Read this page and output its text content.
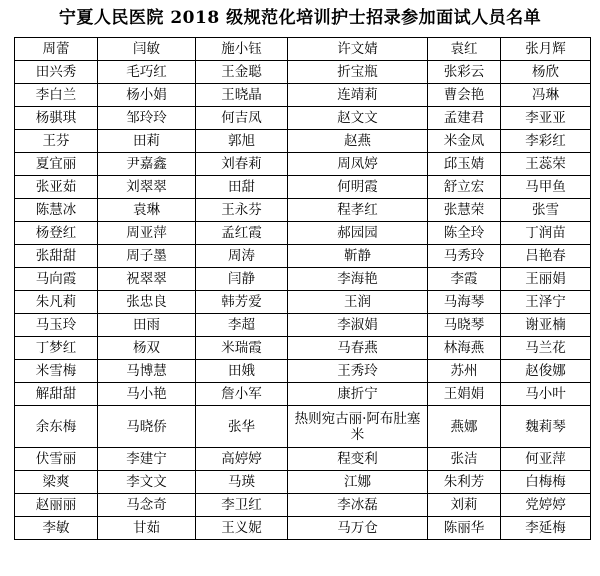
宁夏人民医院 2018 级规范化培训护士招录参加面试人员名单
周蕾	闫敏	施小钰	许文婧	袁红	张月辉
田兴秀	毛巧红	王金聪	折宝瓶	张彩云	杨欣
李白兰	杨小娟	王晓晶	连靖莉	曹会艳	冯琳
杨骐琪	邹玲玲	何吉凤	赵文文	孟建君	李亚亚
王芬	田莉	郭旭	赵燕	米金凤	李彩红
夏宜丽	尹嘉鑫	刘春莉	周凤婷	邱玉婧	王蕊荣
张亚茹	刘翠翠	田甜	何明霞	舒立宏	马甲鱼
陈慧冰	袁琳	王永芬	程孝红	张慧荣	张雪
杨登红	周亚萍	孟红霞	郝园园	陈全玲	丁润苗
张甜甜	周子墨	周涛	靳静	马秀玲	吕艳春
马向霞	祝翠翠	闫静	李海艳	李霞	王丽娟
朱凡莉	张忠良	韩芳爱	王润	马海琴	王泽宁
马玉玲	田雨	李超	李淑娟	马晓琴	谢亚楠
丁梦红	杨双	米瑞霞	马春燕	林海燕	马兰花
米雪梅	马博慧	田娥	王秀玲	苏州	赵俊娜
解甜甜	马小艳	詹小军	康折宁	王娟娟	马小叶
余东梅	马晓侨	张华	热则宛古丽·阿布肚塞米	燕娜	魏莉琴
伏雪丽	李建宁	高婷婷	程变利	张洁	何亚萍
梁爽	李文文	马瑛	江娜	朱利芳	白梅梅
赵丽丽	马念奇	李卫红	李冰磊	刘莉	党婷婷
李敏	甘茹	王义妮	马万仓	陈丽华	李延梅
